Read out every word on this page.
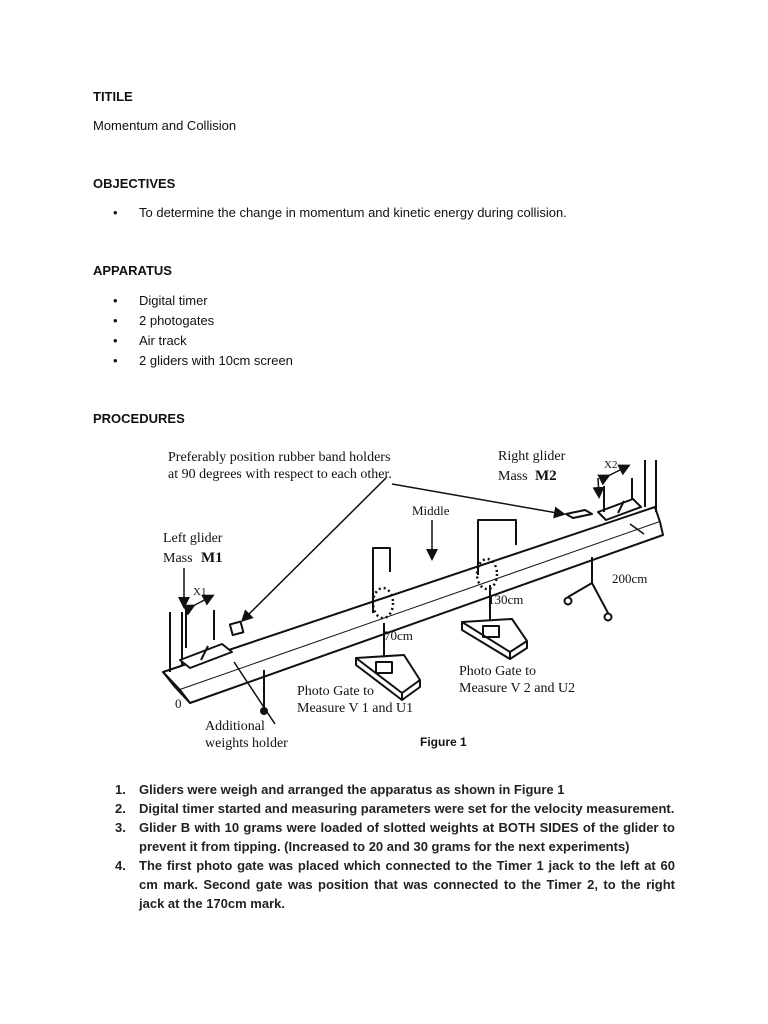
TITILE
Momentum and Collision
OBJECTIVES
• To determine the change in momentum and kinetic energy during collision.
APPARATUS
• Digital timer
• 2 photogates
• Air track
• 2 gliders with 10cm screen
PROCEDURES
Preferably position rubber band holders
at 90 degrees with respect to each other.
Right glider
Mass M2
X2
Middle
Left glider
Mass M1
X1
200cm
130cm
70cm
0
Photo Gate to
Measure V 2 and U2
Photo Gate to
Measure V 1 and U1
Additional
weights holder	Figure 1
1. Gliders were weigh and arranged the apparatus as shown in Figure 1
2. Digital timer started and measuring parameters were set for the velocity measurement.
3. Glider B with 10 grams were loaded of slotted weights at BOTH SIDES of the glider to prevent it from tipping. (Increased to 20 and 30 grams for the next experiments)
4. The first photo gate was placed which connected to the Timer 1 jack to the left at 60 cm mark. Second gate was position that was connected to the Timer 2, to the right jack at the 170cm mark.
